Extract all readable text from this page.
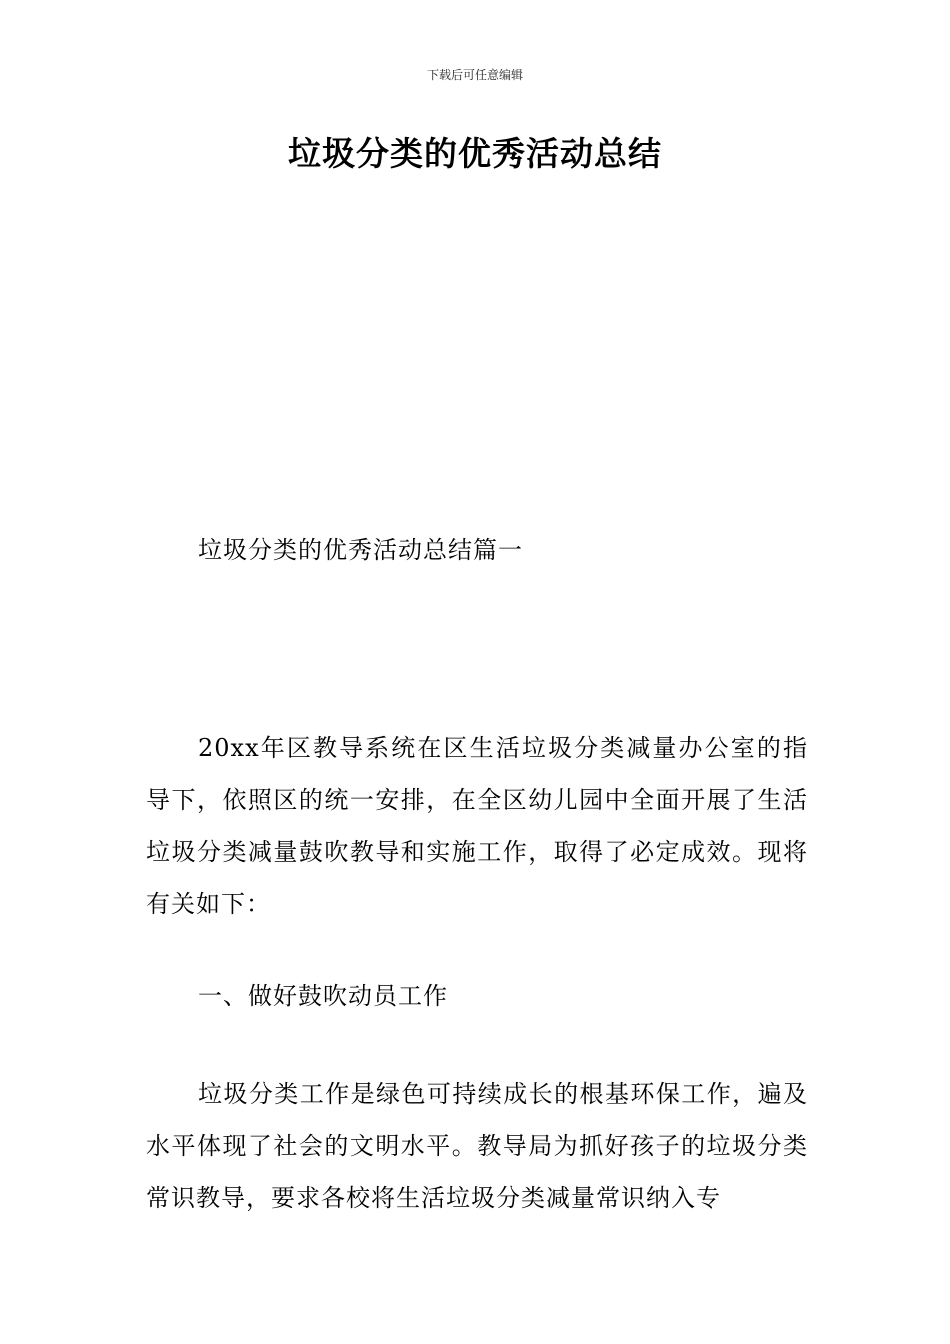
下载后可任意编辑
垃圾分类的优秀活动总结

垃圾分类的优秀活动总结篇一

20xx年区教导系统在区生活垃圾分类减量办公室的指导下，依照区的统一安排，在全区幼儿园中全面开展了生活垃圾分类减量鼓吹教导和实施工作，取得了必定成效。现将有关如下：

一、做好鼓吹动员工作

垃圾分类工作是绿色可持续成长的根基环保工作，遍及水平体现了社会的文明水平。教导局为抓好孩子的垃圾分类常识教导，要求各校将生活垃圾分类减量常识纳入专
